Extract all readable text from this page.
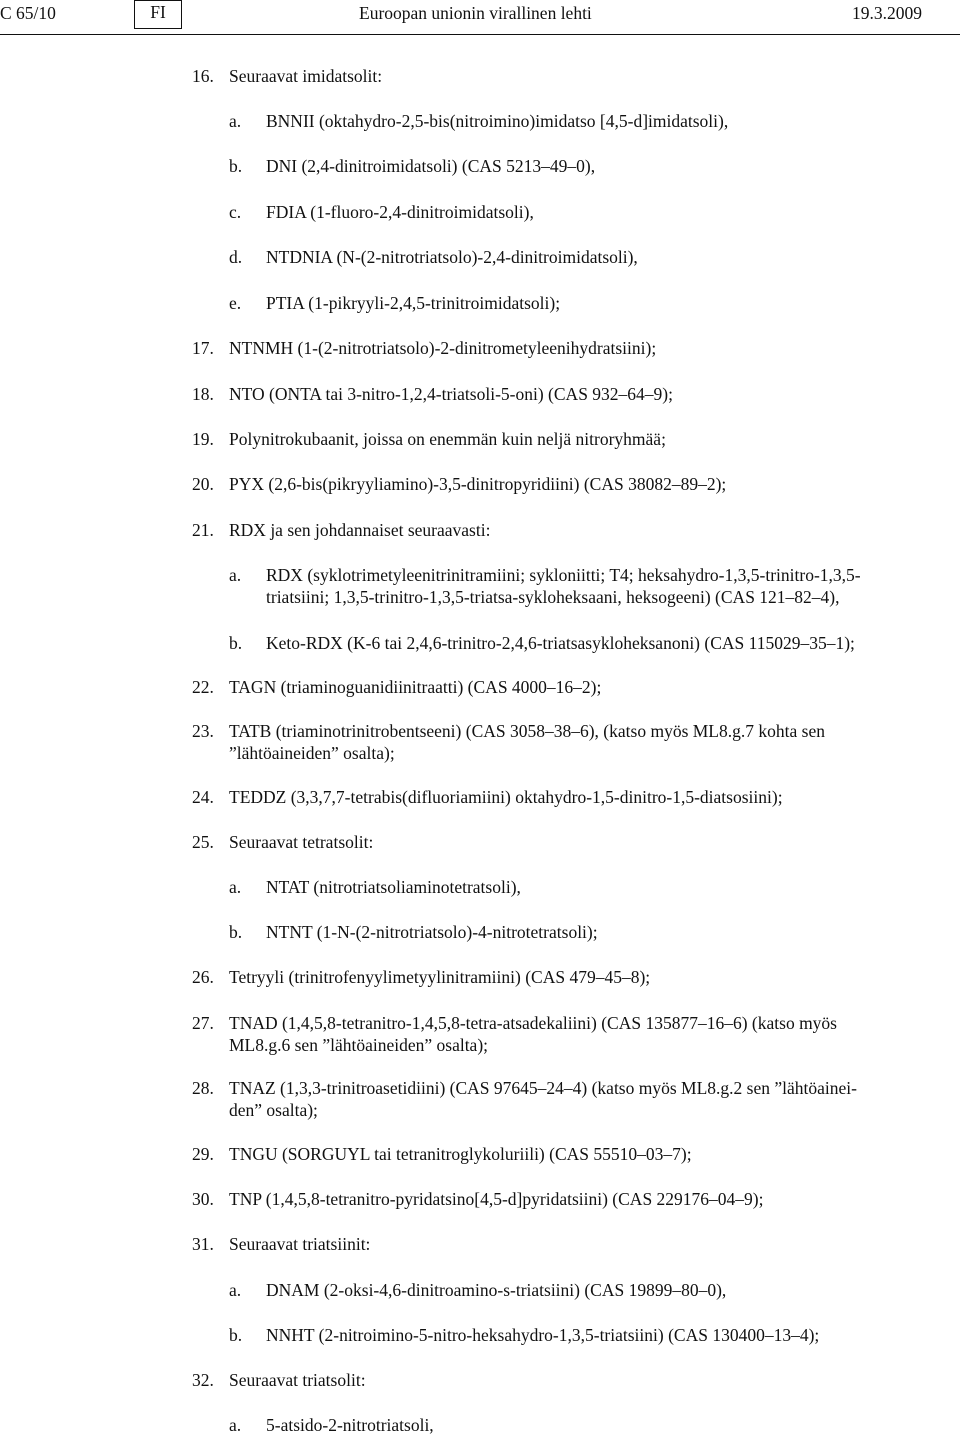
C 65/10	FI	Euroopan unionin virallinen lehti	19.3.2009
16. Seuraavat imidatsolit:
a. BNNII (oktahydro-2,5-bis(nitroimino)imidatso [4,5-d]imidatsoli),
b. DNI (2,4-dinitroimidatsoli) (CAS 5213–49–0),
c. FDIA (1-fluoro-2,4-dinitroimidatsoli),
d. NTDNIA (N-(2-nitrotriatsolo)-2,4-dinitroimidatsoli),
e. PTIA (1-pikryyli-2,4,5-trinitroimidatsoli);
17. NTNMH (1-(2-nitrotriatsolo)-2-dinitrometyleenihydratsiini);
18. NTO (ONTA tai 3-nitro-1,2,4-triatsoli-5-oni) (CAS 932–64–9);
19. Polynitrokubaanit, joissa on enemmän kuin neljä nitroryhmää;
20. PYX (2,6-bis(pikryyliamino)-3,5-dinitropyridiini) (CAS 38082–89–2);
21. RDX ja sen johdannaiset seuraavasti:
a. RDX (syklotrimetyleenitrinitramiini; sykloniitti; T4; heksahydro-1,3,5-trinitro-1,3,5-
triatsiini; 1,3,5-trinitro-1,3,5-triatsa-sykloheksaani, heksogeeni) (CAS 121–82–4),
b. Keto-RDX (K-6 tai 2,4,6-trinitro-2,4,6-triatsasykloheksanoni) (CAS 115029–35–1);
22. TAGN (triaminoguanidiinitraatti) (CAS 4000–16–2);
23. TATB (triaminotrinitrobentseeni) (CAS 3058–38–6), (katso myös ML8.g.7 kohta sen
”lähtöaineiden” osalta);
24. TEDDZ (3,3,7,7-tetrabis(difluoriamiini) oktahydro-1,5-dinitro-1,5-diatsosiini);
25. Seuraavat tetratsolit:
a. NTAT (nitrotriatsoliaminotetratsoli),
b. NTNT (1-N-(2-nitrotriatsolo)-4-nitrotetratsoli);
26. Tetryyli (trinitrofenyylimetyylinitramiini) (CAS 479–45–8);
27. TNAD (1,4,5,8-tetranitro-1,4,5,8-tetra-atsadekaliini) (CAS 135877–16–6) (katso myös
ML8.g.6 sen ”lähtöaineiden” osalta);
28. TNAZ (1,3,3-trinitroasetidiini) (CAS 97645–24–4) (katso myös ML8.g.2 sen ”lähtöainei-
den” osalta);
29. TNGU (SORGUYL tai tetranitroglykoluriili) (CAS 55510–03–7);
30. TNP (1,4,5,8-tetranitro-pyridatsino[4,5-d]pyridatsiini) (CAS 229176–04–9);
31. Seuraavat triatsiinit:
a. DNAM (2-oksi-4,6-dinitroamino-s-triatsiini) (CAS 19899–80–0),
b. NNHT (2-nitroimino-5-nitro-heksahydro-1,3,5-triatsiini) (CAS 130400–13–4);
32. Seuraavat triatsolit:
a. 5-atsido-2-nitrotriatsoli,
